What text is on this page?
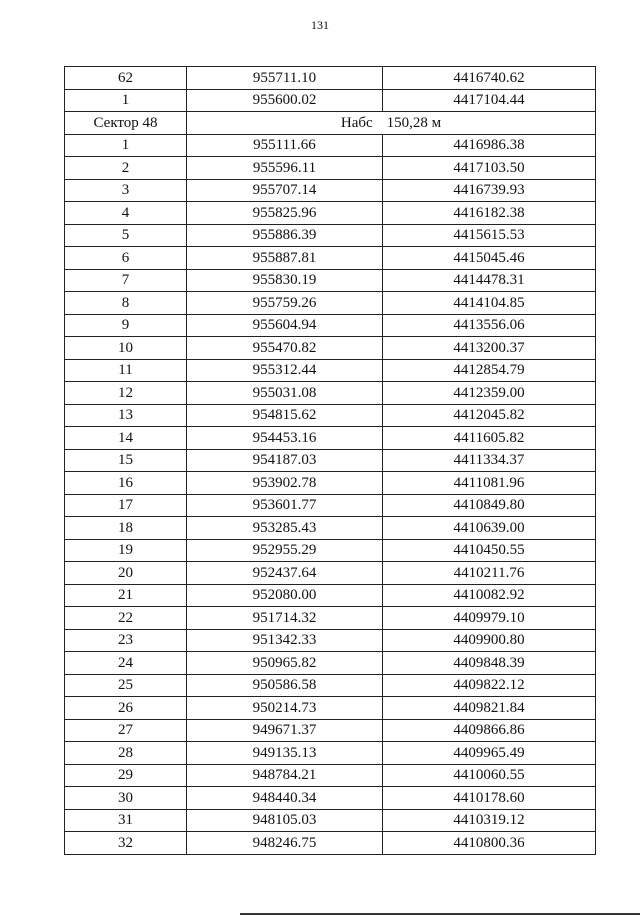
131
62	955711.10	4416740.62
1	955600.02	4417104.44
Сектор 48	Набс 150,28 м	
1	955111.66	4416986.38
2	955596.11	4417103.50
3	955707.14	4416739.93
4	955825.96	4416182.38
5	955886.39	4415615.53
6	955887.81	4415045.46
7	955830.19	4414478.31
8	955759.26	4414104.85
9	955604.94	4413556.06
10	955470.82	4413200.37
11	955312.44	4412854.79
12	955031.08	4412359.00
13	954815.62	4412045.82
14	954453.16	4411605.82
15	954187.03	4411334.37
16	953902.78	4411081.96
17	953601.77	4410849.80
18	953285.43	4410639.00
19	952955.29	4410450.55
20	952437.64	4410211.76
21	952080.00	4410082.92
22	951714.32	4409979.10
23	951342.33	4409900.80
24	950965.82	4409848.39
25	950586.58	4409822.12
26	950214.73	4409821.84
27	949671.37	4409866.86
28	949135.13	4409965.49
29	948784.21	4410060.55
30	948440.34	4410178.60
31	948105.03	4410319.12
32	948246.75	4410800.36
